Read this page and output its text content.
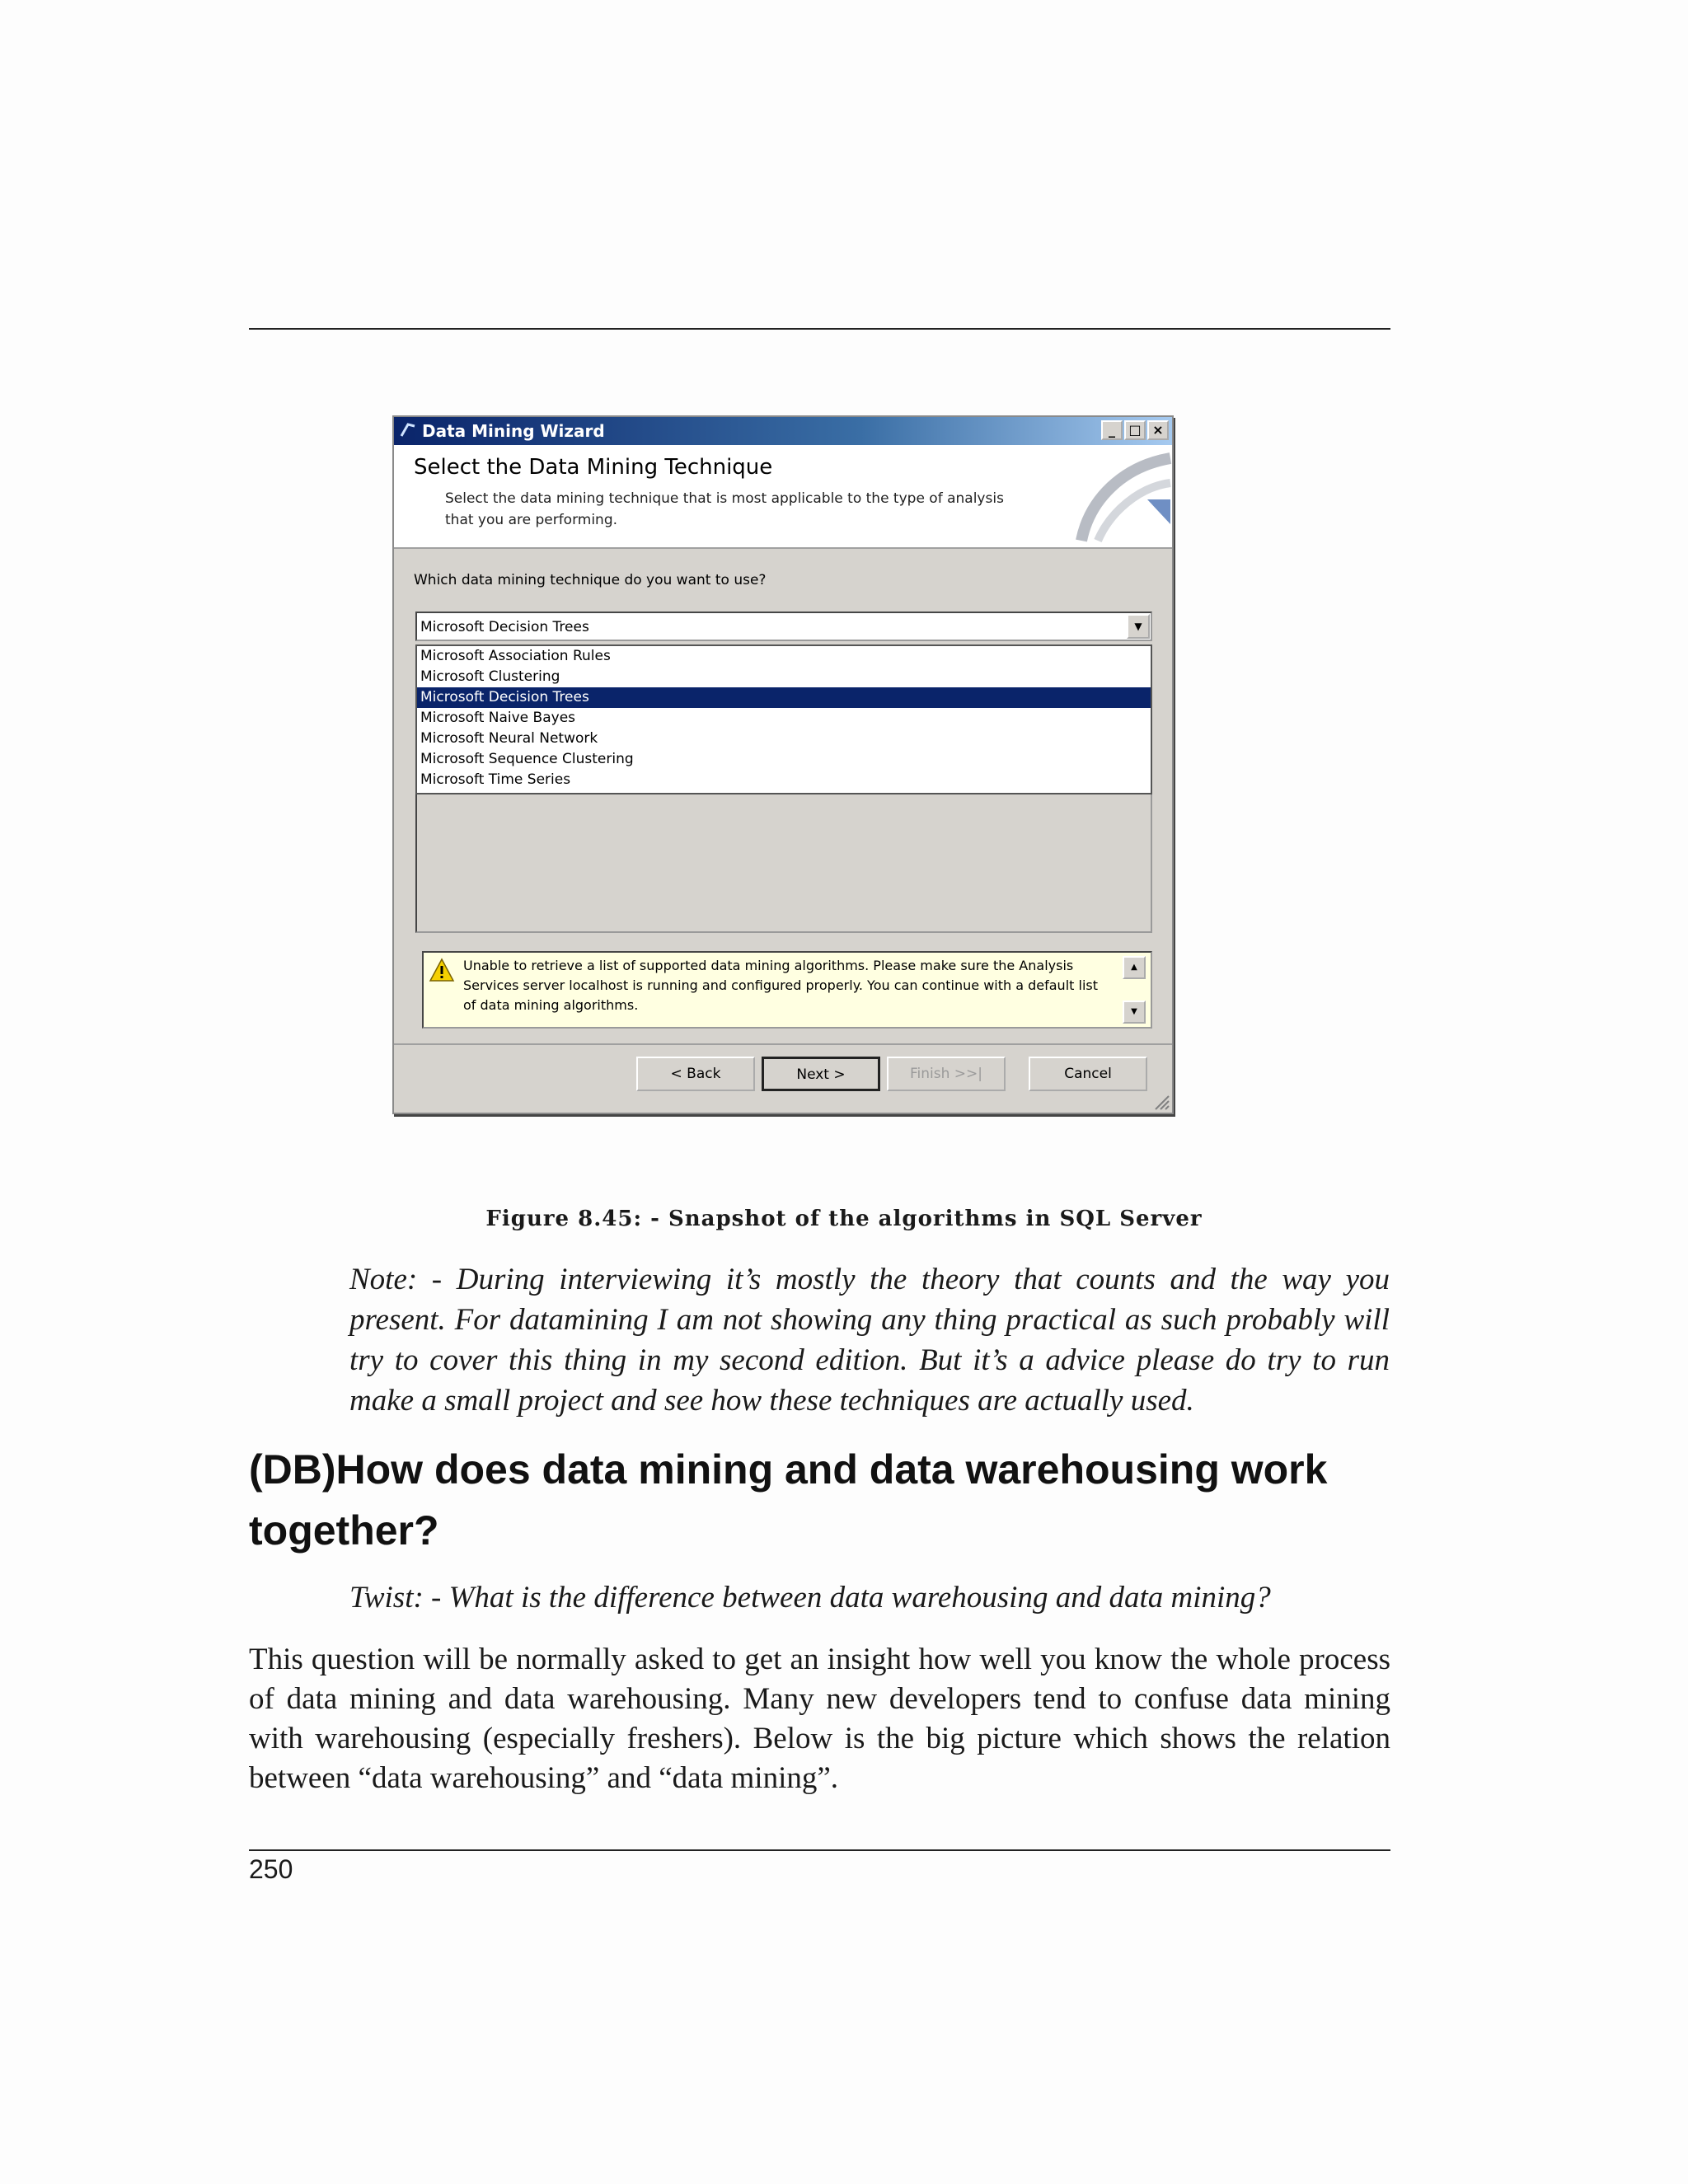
Data Mining Wizard	_	□ ×
Select the Data Mining Technique
Select the data mining technique that is most applicable to the type of analysis that you are performing.
Which data mining technique do you want to use?
Microsoft Decision Trees	▼
Microsoft Association Rules
Microsoft Clustering
Microsoft Decision Trees
Microsoft Naive Bayes
Microsoft Neural Network
Microsoft Sequence Clustering
Microsoft Time Series
Unable to retrieve a list of supported data mining algorithms. Please make sure the Analysis Services server localhost is running and configured properly. You can continue with a default list of data mining algorithms.
▲
▼
< Back	Next >	Finish >>|	Cancel
Figure 8.45: - Snapshot of the algorithms in SQL Server
Note: - During interviewing it’s mostly the theory that counts and the way you present. For datamining I am not showing any thing practical as such probably will try to cover this thing in my second edition. But it’s a advice please do try to run make a small project and see how these techniques are actually used.
(DB)How does data mining and data warehousing work together?
Twist: - What is the difference between data warehousing and data mining?
This question will be normally asked to get an insight how well you know the whole process of data mining and data warehousing. Many new developers tend to confuse data mining with warehousing (especially freshers). Below is the big picture which shows the relation between “data warehousing” and “data mining”.
250
